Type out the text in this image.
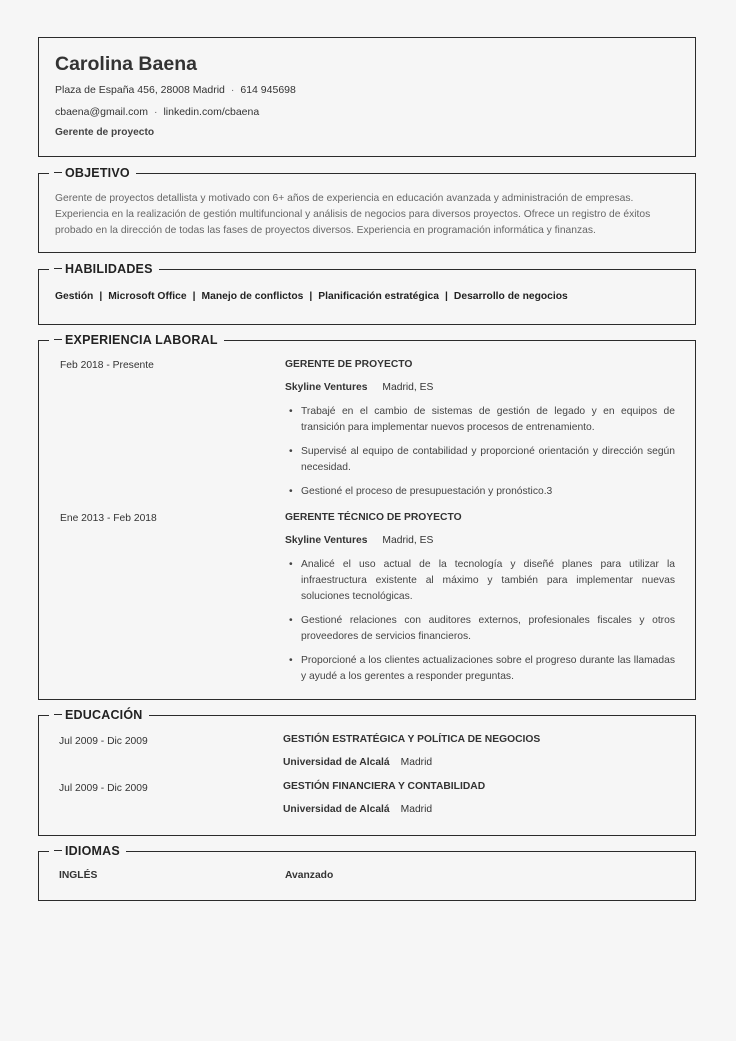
Carolina Baena
Plaza de España 456, 28008 Madrid · 614 945698
cbaena@gmail.com · linkedin.com/cbaena
Gerente de proyecto
OBJETIVO

Gerente de proyectos detallista y motivado con 6+ años de experiencia en educación avanzada y administración de empresas. Experiencia en la realización de gestión multifuncional y análisis de negocios para diversos proyectos. Ofrece un registro de éxitos probado en la dirección de todas las fases de proyectos diversos. Experiencia en programación informática y finanzas.

HABILIDADES
Gestión | Microsoft Office | Manejo de conflictos | Planificación estratégica | Desarrollo de negocios
EXPERIENCIA LABORAL
Feb 2018 - Presente	GERENTE DE PROYECTO
Skyline Ventures Madrid, ES
• Trabajé en el cambio de sistemas de gestión de legado y en equipos de transición para implementar nuevos procesos de entrenamiento.
• Supervisé al equipo de contabilidad y proporcioné orientación y dirección según necesidad.
• Gestioné el proceso de presupuestación y pronóstico.3
Ene 2013 - Feb 2018	GERENTE TÉCNICO DE PROYECTO
Skyline Ventures Madrid, ES
• Analicé el uso actual de la tecnología y diseñé planes para utilizar la infraestructura existente al máximo y también para implementar nuevas soluciones tecnológicas.
• Gestioné relaciones con auditores externos, profesionales fiscales y otros proveedores de servicios financieros.
• Proporcioné a los clientes actualizaciones sobre el progreso durante las llamadas y ayudé a los gerentes a responder preguntas.
EDUCACIÓN
Jul 2009 - Dic 2009	GESTIÓN ESTRATÉGICA Y POLÍTICA DE NEGOCIOS
Universidad de Alcalá Madrid
Jul 2009 - Dic 2009	GESTIÓN FINANCIERA Y CONTABILIDAD
Universidad de Alcalá Madrid
IDIOMAS
INGLÉS	Avanzado
